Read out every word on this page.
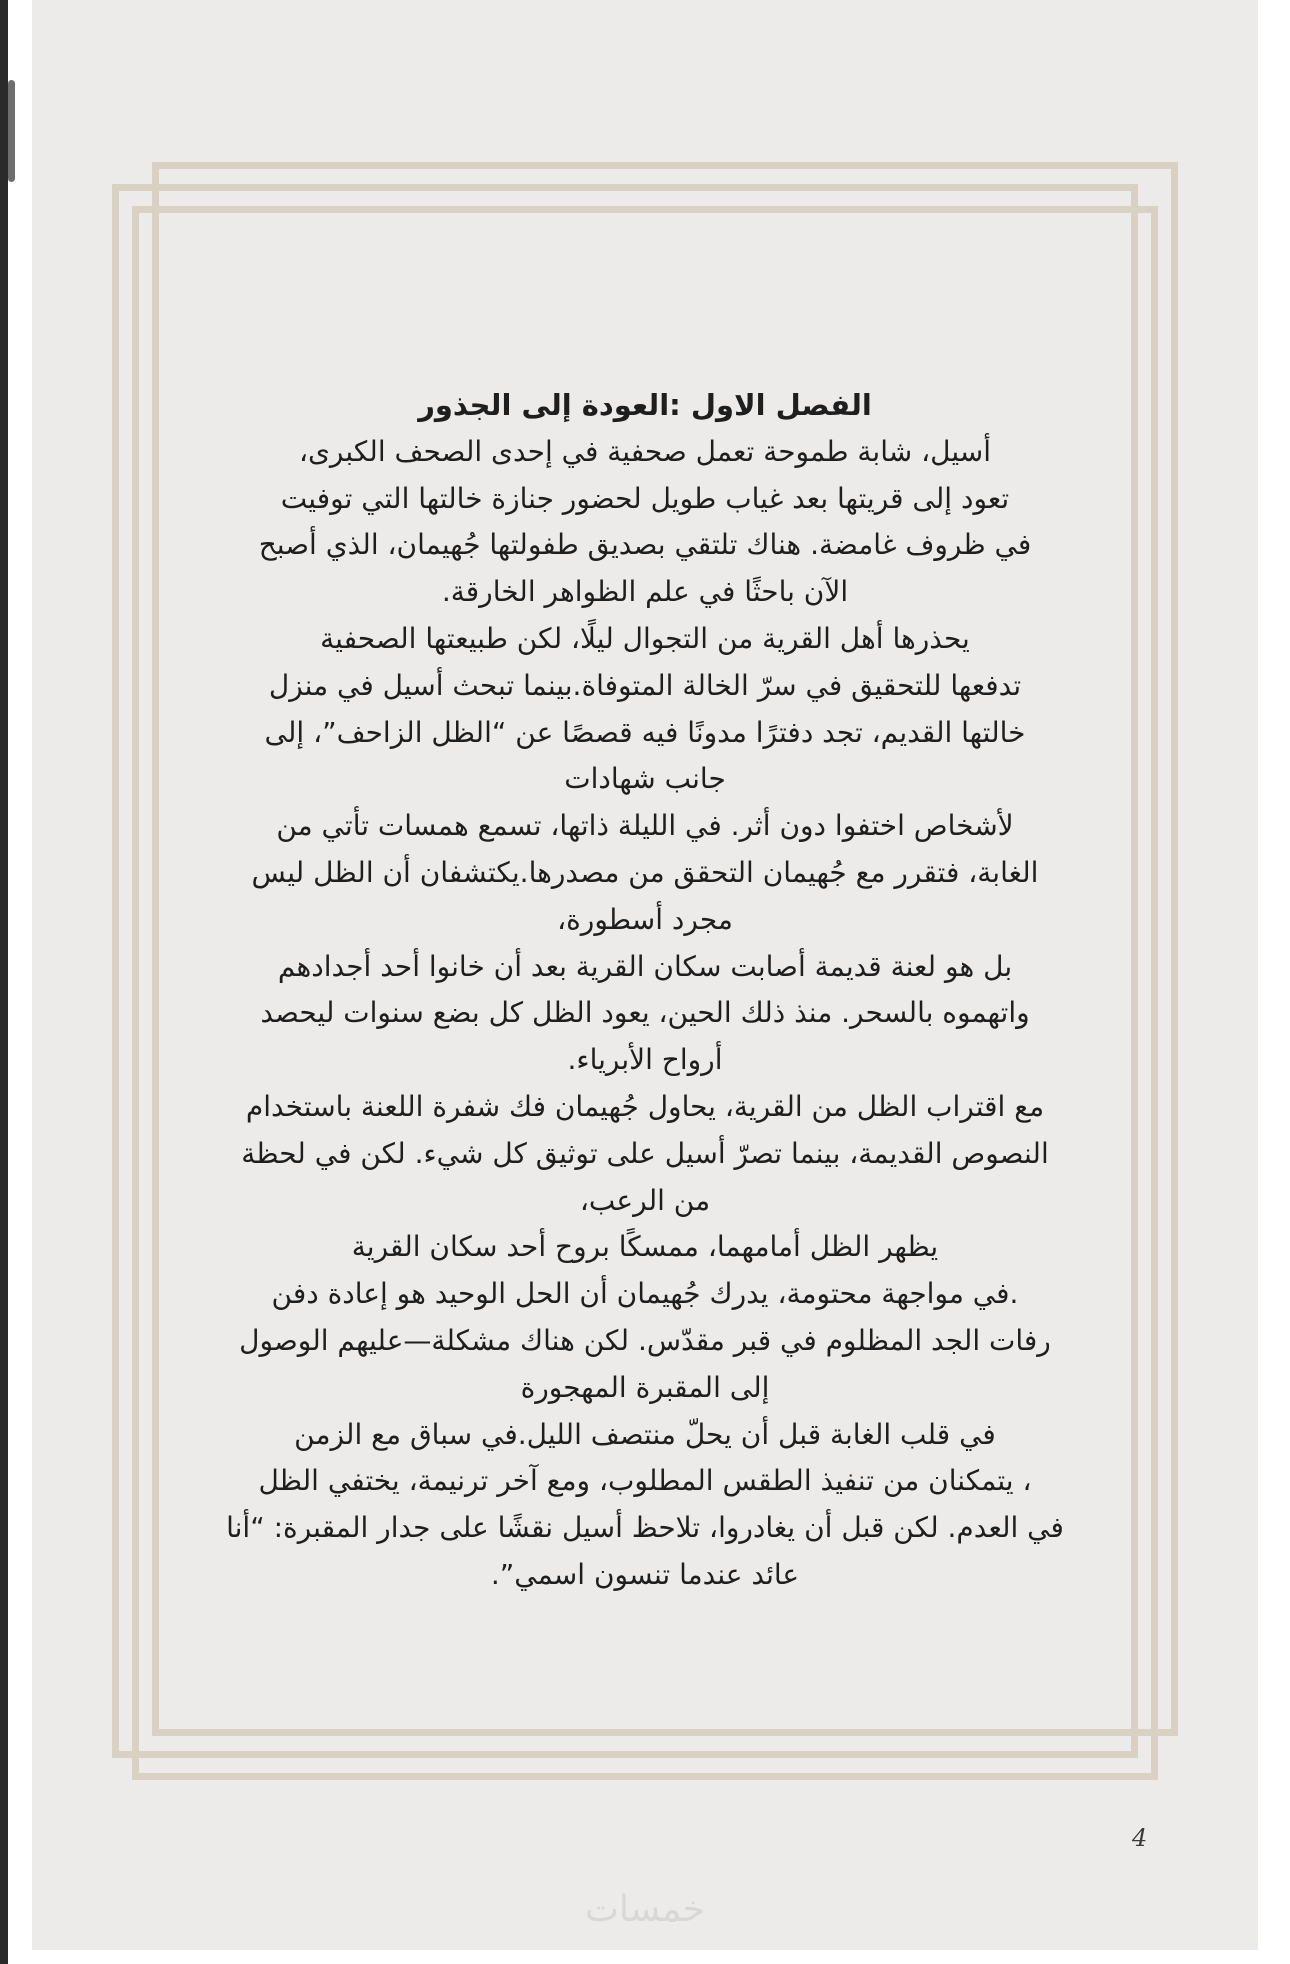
الفصل الاول :العودة إلى الجذور
أسيل، شابة طموحة تعمل صحفية في إحدى الصحف الكبرى،
تعود إلى قريتها بعد غياب طويل لحضور جنازة خالتها التي توفيت
في ظروف غامضة. هناك تلتقي بصديق طفولتها جُهيمان، الذي أصبح
الآن باحثًا في علم الظواهر الخارقة.
يحذرها أهل القرية من التجوال ليلًا، لكن طبيعتها الصحفية
تدفعها للتحقيق في سرّ الخالة المتوفاة.بينما تبحث أسيل في منزل
خالتها القديم، تجد دفترًا مدونًا فيه قصصًا عن “الظل الزاحف”، إلى
جانب شهادات
لأشخاص اختفوا دون أثر. في الليلة ذاتها، تسمع همسات تأتي من
الغابة، فتقرر مع جُهيمان التحقق من مصدرها.يكتشفان أن الظل ليس
مجرد أسطورة،
بل هو لعنة قديمة أصابت سكان القرية بعد أن خانوا أحد أجدادهم
واتهموه بالسحر. منذ ذلك الحين، يعود الظل كل بضع سنوات ليحصد
أرواح الأبرياء.
مع اقتراب الظل من القرية، يحاول جُهيمان فك شفرة اللعنة باستخدام
النصوص القديمة، بينما تصرّ أسيل على توثيق كل شيء. لكن في لحظة
من الرعب،
يظهر الظل أمامهما، ممسكًا بروح أحد سكان القرية
.في مواجهة محتومة، يدرك جُهيمان أن الحل الوحيد هو إعادة دفن
رفات الجد المظلوم في قبر مقدّس. لكن هناك مشكلة—عليهم الوصول
إلى المقبرة المهجورة
في قلب الغابة قبل أن يحلّ منتصف الليل.في سباق مع الزمن
، يتمكنان من تنفيذ الطقس المطلوب، ومع آخر ترنيمة، يختفي الظل
في العدم. لكن قبل أن يغادروا، تلاحظ أسيل نقشًا على جدار المقبرة: “أنا
عائد عندما تنسون اسمي”.
4
خمسات
